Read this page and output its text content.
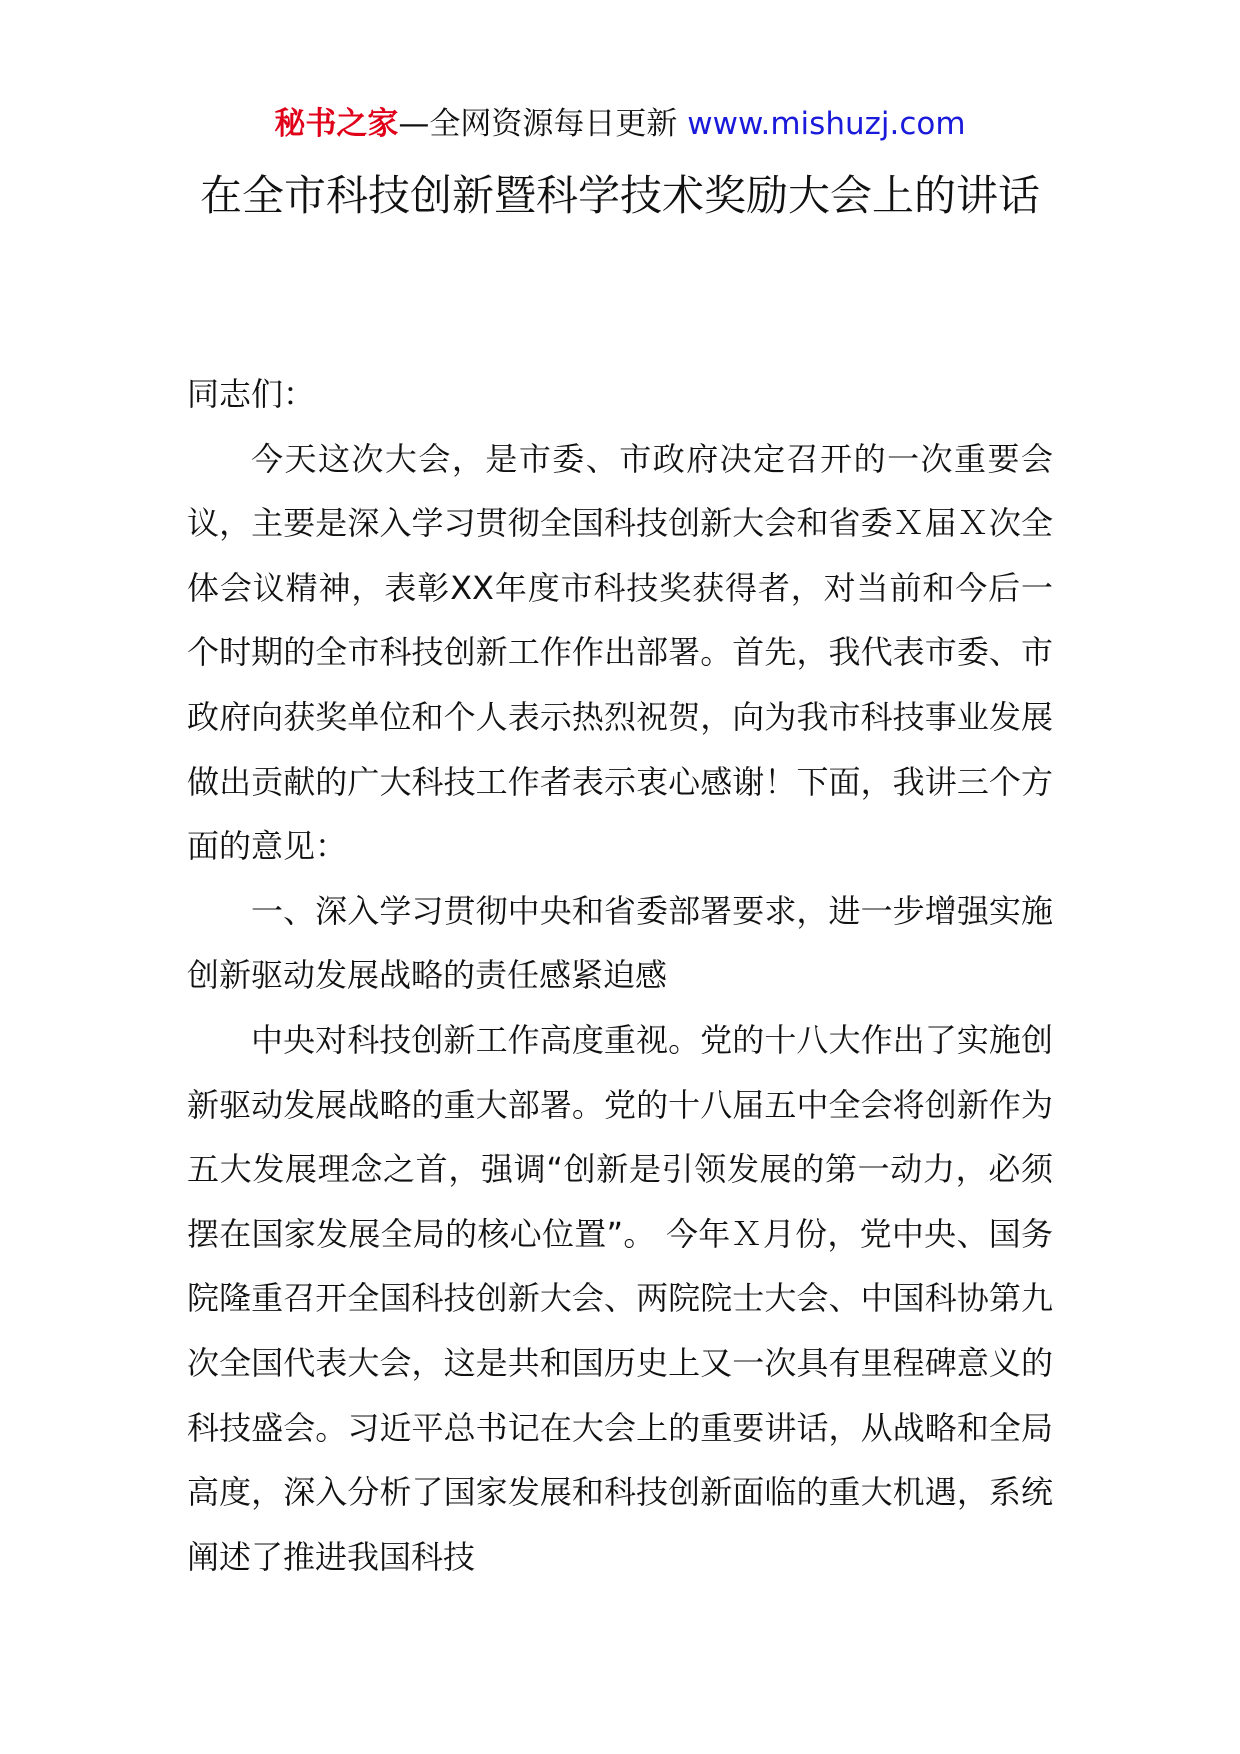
秘书之家—全网资源每日更新 www.mishuzj.com
在全市科技创新暨科学技术奖励大会上的讲话

同志们：

今天这次大会，是市委、市政府决定召开的一次重要会议，主要是深入学习贯彻全国科技创新大会和省委Ｘ届Ｘ次全体会议精神，表彰XX年度市科技奖获得者，对当前和今后一个时期的全市科技创新工作作出部署。首先，我代表市委、市政府向获奖单位和个人表示热烈祝贺，向为我市科技事业发展做出贡献的广大科技工作者表示衷心感谢！下面，我讲三个方面的意见：

一、深入学习贯彻中央和省委部署要求，进一步增强实施创新驱动发展战略的责任感紧迫感

中央对科技创新工作高度重视。党的十八大作出了实施创新驱动发展战略的重大部署。党的十八届五中全会将创新作为五大发展理念之首，强调“创新是引领发展的第一动力，必须摆在国家发展全局的核心位置”。 今年Ｘ月份，党中央、国务院隆重召开全国科技创新大会、两院院士大会、中国科协第九次全国代表大会，这是共和国历史上又一次具有里程碑意义的科技盛会。习近平总书记在大会上的重要讲话，从战略和全局高度，深入分析了国家发展和科技创新面临的重大机遇，系统阐述了推进我国科技
